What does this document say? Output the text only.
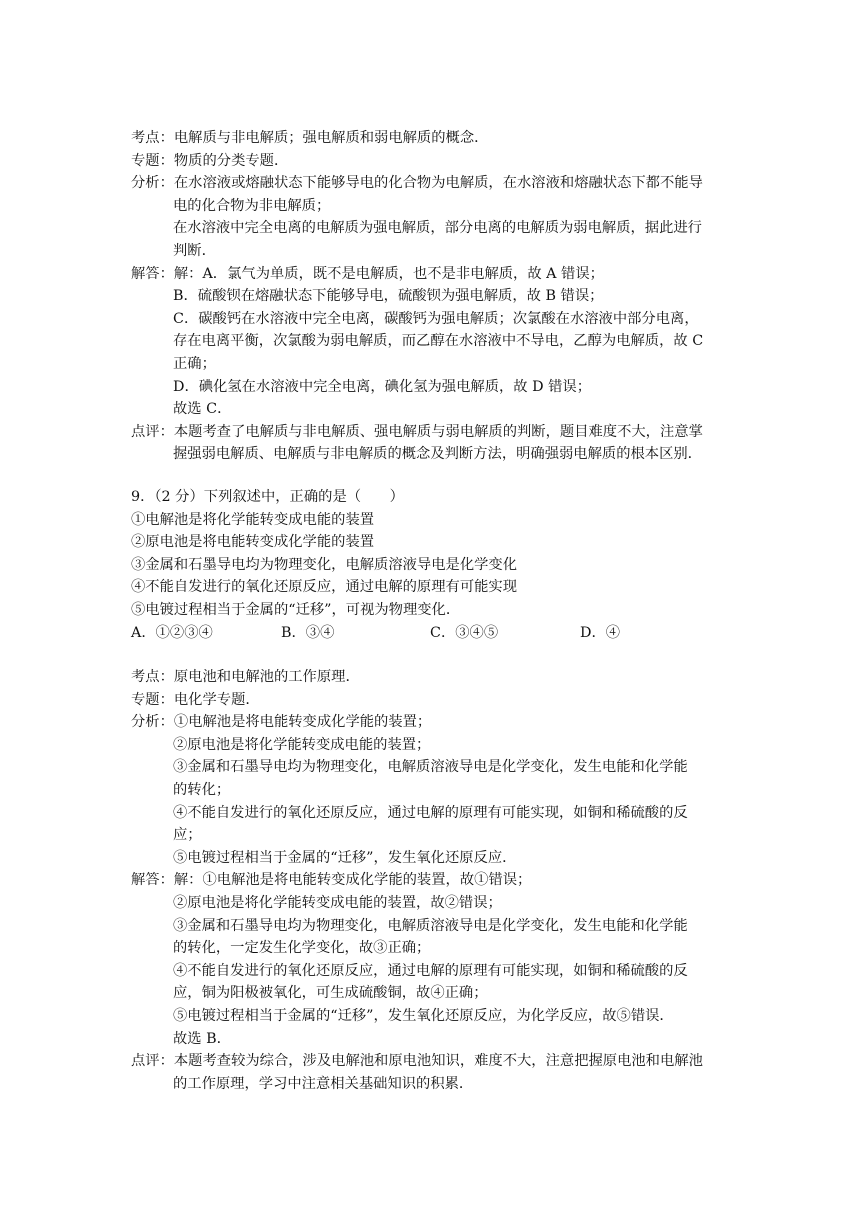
考点： 电解质与非电解质；强电解质和弱电解质的概念．
专题： 物质的分类专题．
分析： 在水溶液或熔融状态下能够导电的化合物为电解质，在水溶液和熔融状态下都不能导
电的化合物为非电解质；
在水溶液中完全电离的电解质为强电解质，部分电离的电解质为弱电解质，据此进行
判断．
解答： 解：A．氯气为单质，既不是电解质，也不是非电解质，故 A 错误；
B．硫酸钡在熔融状态下能够导电，硫酸钡为强电解质，故 B 错误；
C．碳酸钙在水溶液中完全电离，碳酸钙为强电解质；次氯酸在水溶液中部分电离，
存在电离平衡，次氯酸为弱电解质，而乙醇在水溶液中不导电，乙醇为电解质，故 C
正确；
D．碘化氢在水溶液中完全电离，碘化氢为强电解质，故 D 错误；
故选 C．
点评： 本题考查了电解质与非电解质、强电解质与弱电解质的判断，题目难度不大，注意掌
握强弱电解质、电解质与非电解质的概念及判断方法，明确强弱电解质的根本区别．
9．（2 分）下列叙述中，正确的是（　　）
①电解池是将化学能转变成电能的装置
②原电池是将电能转变成化学能的装置
③金属和石墨导电均为物理变化，电解质溶液导电是化学变化
④不能自发进行的氧化还原反应，通过电解的原理有可能实现
⑤电镀过程相当于金属的“迁移”，可视为物理变化．
A．①②③④	B．③④	C．③④⑤	D．④
考点： 原电池和电解池的工作原理．
专题： 电化学专题．
分析： ①电解池是将电能转变成化学能的装置；
②原电池是将化学能转变成电能的装置；
③金属和石墨导电均为物理变化，电解质溶液导电是化学变化，发生电能和化学能
的转化；
④不能自发进行的氧化还原反应，通过电解的原理有可能实现，如铜和稀硫酸的反
应；
⑤电镀过程相当于金属的“迁移”，发生氧化还原反应．
解答： 解：①电解池是将电能转变成化学能的装置，故①错误；
②原电池是将化学能转变成电能的装置，故②错误；
③金属和石墨导电均为物理变化，电解质溶液导电是化学变化，发生电能和化学能
的转化，一定发生化学变化，故③正确；
④不能自发进行的氧化还原反应，通过电解的原理有可能实现，如铜和稀硫酸的反
应，铜为阳极被氧化，可生成硫酸铜，故④正确；
⑤电镀过程相当于金属的“迁移”，发生氧化还原反应，为化学反应，故⑤错误．
故选 B．
点评： 本题考查较为综合，涉及电解池和原电池知识，难度不大，注意把握原电池和电解池
的工作原理，学习中注意相关基础知识的积累．
